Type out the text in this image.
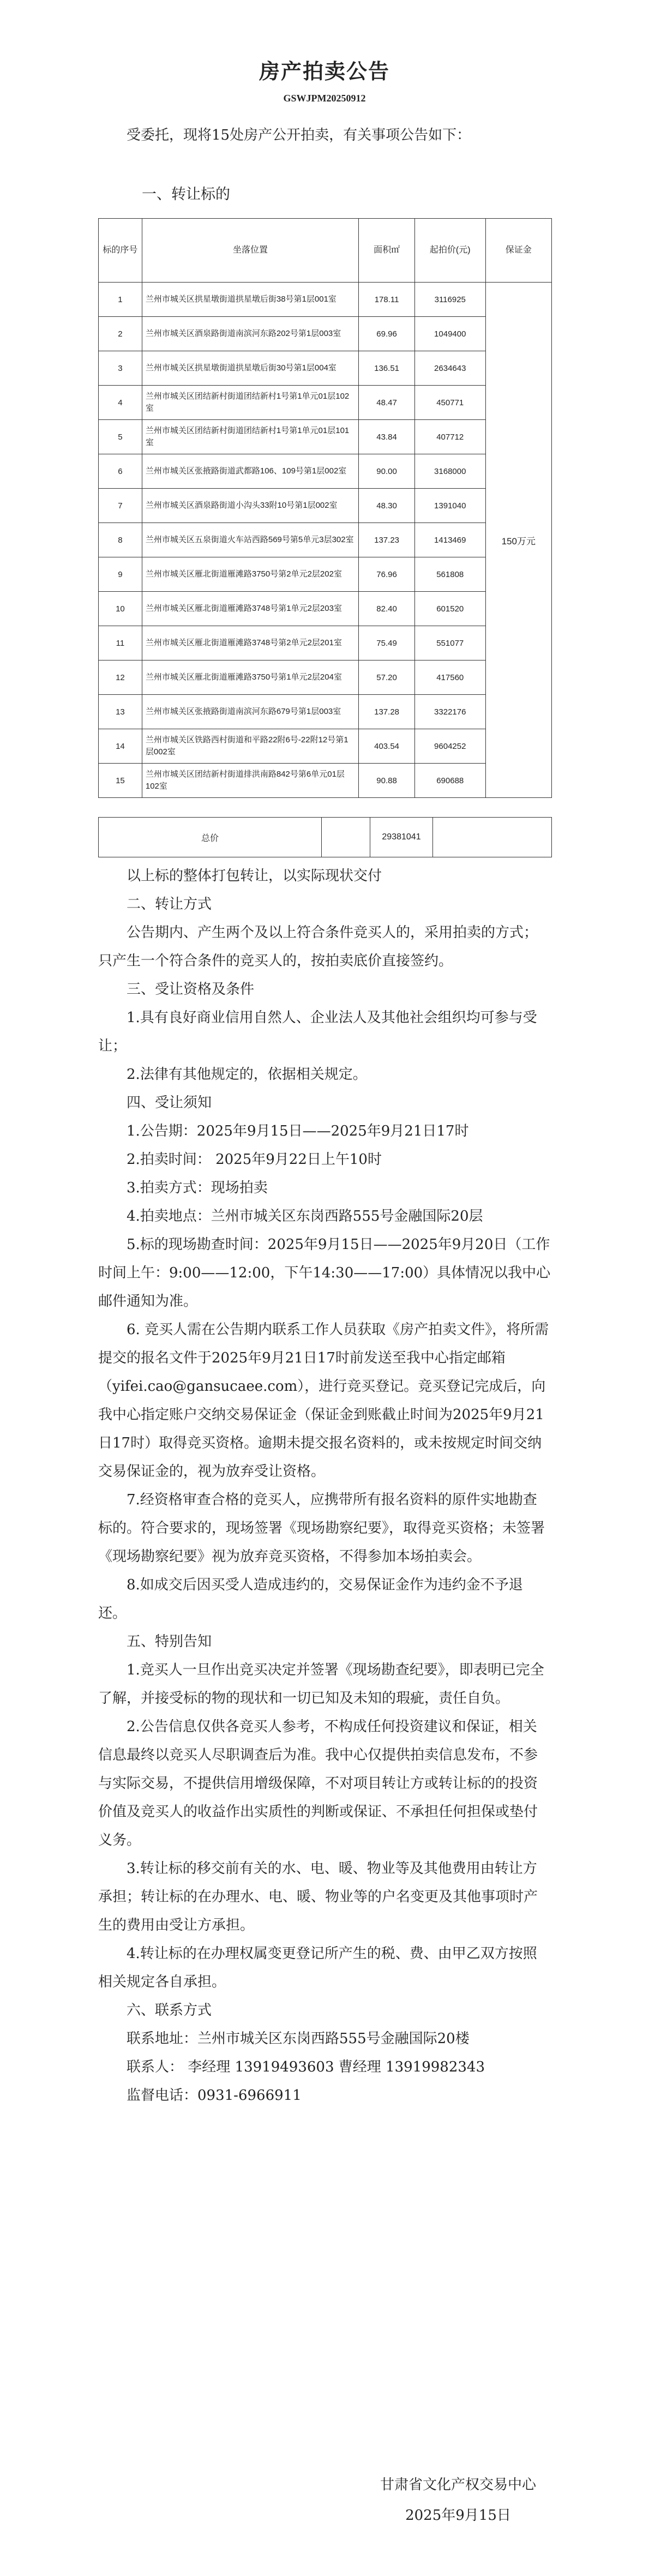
房产拍卖公告
GSWJPM20250912

受委托，现将15处房产公开拍卖，有关事项公告如下：

一、转让标的
标的序号	坐落位置	面积㎡	起拍价(元)	保证金
1	兰州市城关区拱星墩街道拱星墩后街38号第1层001室	178.11	3116925	150万元
2	兰州市城关区酒泉路街道南滨河东路202号第1层003室	69.96	1049400	
3	兰州市城关区拱星墩街道拱星墩后街30号第1层004室	136.51	2634643	
4	兰州市城关区团结新村街道团结新村1号第1单元01层102室	48.47	450771	
5	兰州市城关区团结新村街道团结新村1号第1单元01层101室	43.84	407712	
6	兰州市城关区张掖路街道武都路106、109号第1层002室	90.00	3168000	
7	兰州市城关区酒泉路街道小沟头33附10号第1层002室	48.30	1391040	
8	兰州市城关区五泉街道火车站西路569号第5单元3层302室	137.23	1413469	
9	兰州市城关区雁北街道雁滩路3750号第2单元2层202室	76.96	561808	
10	兰州市城关区雁北街道雁滩路3748号第1单元2层203室	82.40	601520	
11	兰州市城关区雁北街道雁滩路3748号第2单元2层201室	75.49	551077	
12	兰州市城关区雁北街道雁滩路3750号第1单元2层204室	57.20	417560	
13	兰州市城关区张掖路街道南滨河东路679号第1层003室	137.28	3322176	
14	兰州市城关区铁路西村街道和平路22附6号-22附12号第1层002室	403.54	9604252	
15	兰州市城关区团结新村街道排洪南路842号第6单元01层102室	90.88	690688	
总价		29381041	

以上标的整体打包转让，以实际现状交付

二、转让方式

公告期内、产生两个及以上符合条件竞买人的，采用拍卖的方式；只产生一个符合条件的竞买人的，按拍卖底价直接签约。

三、受让资格及条件

1.具有良好商业信用自然人、企业法人及其他社会组织均可参与受让；

2.法律有其他规定的，依据相关规定。

四、受让须知

1.公告期：2025年9月15日——2025年9月21日17时

2.拍卖时间： 2025年9月22日上午10时

3.拍卖方式：现场拍卖

4.拍卖地点：兰州市城关区东岗西路555号金融国际20层

5.标的现场勘查时间：2025年9月15日——2025年9月20日（工作时间上午：9:00——12:00，下午14:30——17:00）具体情况以我中心邮件通知为准。

6. 竞买人需在公告期内联系工作人员获取《房产拍卖文件》，将所需提交的报名文件于2025年9月21日17时前发送至我中心指定邮箱（yifei.cao@gansucaee.com），进行竞买登记。竞买登记完成后，向我中心指定账户交纳交易保证金（保证金到账截止时间为2025年9月21日17时）取得竞买资格。逾期未提交报名资料的，或未按规定时间交纳交易保证金的，视为放弃受让资格。

7.经资格审查合格的竞买人，应携带所有报名资料的原件实地勘查标的。符合要求的，现场签署《现场勘察纪要》，取得竞买资格；未签署《现场勘察纪要》视为放弃竞买资格，不得参加本场拍卖会。

8.如成交后因买受人造成违约的，交易保证金作为违约金不予退还。

五、特别告知

1.竞买人一旦作出竞买决定并签署《现场勘查纪要》，即表明已完全了解，并接受标的物的现状和一切已知及未知的瑕疵，责任自负。

2.公告信息仅供各竞买人参考，不构成任何投资建议和保证，相关信息最终以竞买人尽职调查后为准。我中心仅提供拍卖信息发布，不参与实际交易，不提供信用增级保障，不对项目转让方或转让标的的投资价值及竞买人的收益作出实质性的判断或保证、不承担任何担保或垫付义务。

3.转让标的移交前有关的水、电、暖、物业等及其他费用由转让方承担；转让标的在办理水、电、暖、物业等的户名变更及其他事项时产生的费用由受让方承担。

4.转让标的在办理权属变更登记所产生的税、费、由甲乙双方按照相关规定各自承担。

六、联系方式

联系地址：兰州市城关区东岗西路555号金融国际20楼

联系人： 李经理 13919493603 曹经理 13919982343

监督电话：0931-6966911

甘肃省文化产权交易中心
2025年9月15日
